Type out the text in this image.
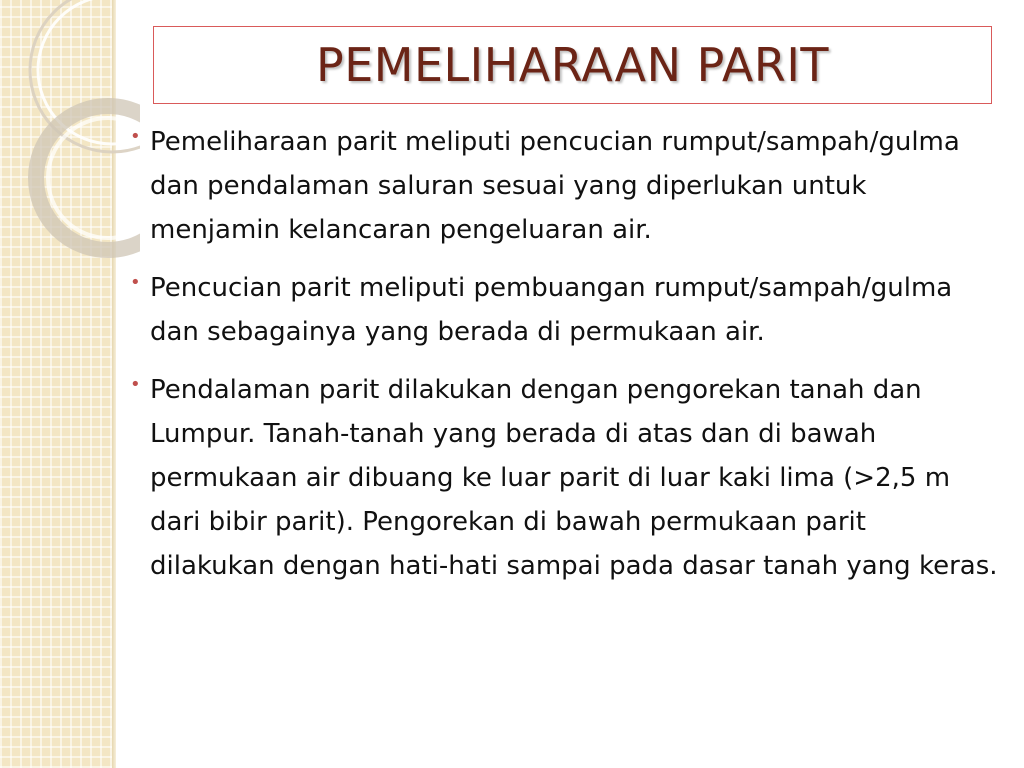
PEMELIHARAAN PARIT
• Pemeliharaan parit meliputi pencucian rumput/sampah/gulma dan pendalaman saluran sesuai yang diperlukan untuk menjamin kelancaran pengeluaran air.
• Pencucian parit meliputi pembuangan rumput/sampah/gulma dan sebagainya yang berada di permukaan air.
• Pendalaman parit dilakukan dengan pengorekan tanah dan Lumpur. Tanah-tanah yang berada di atas dan di bawah permukaan air dibuang ke luar parit di luar kaki lima (>2,5 m dari bibir parit). Pengorekan di bawah permukaan parit dilakukan dengan hati-hati sampai pada dasar tanah yang keras.
